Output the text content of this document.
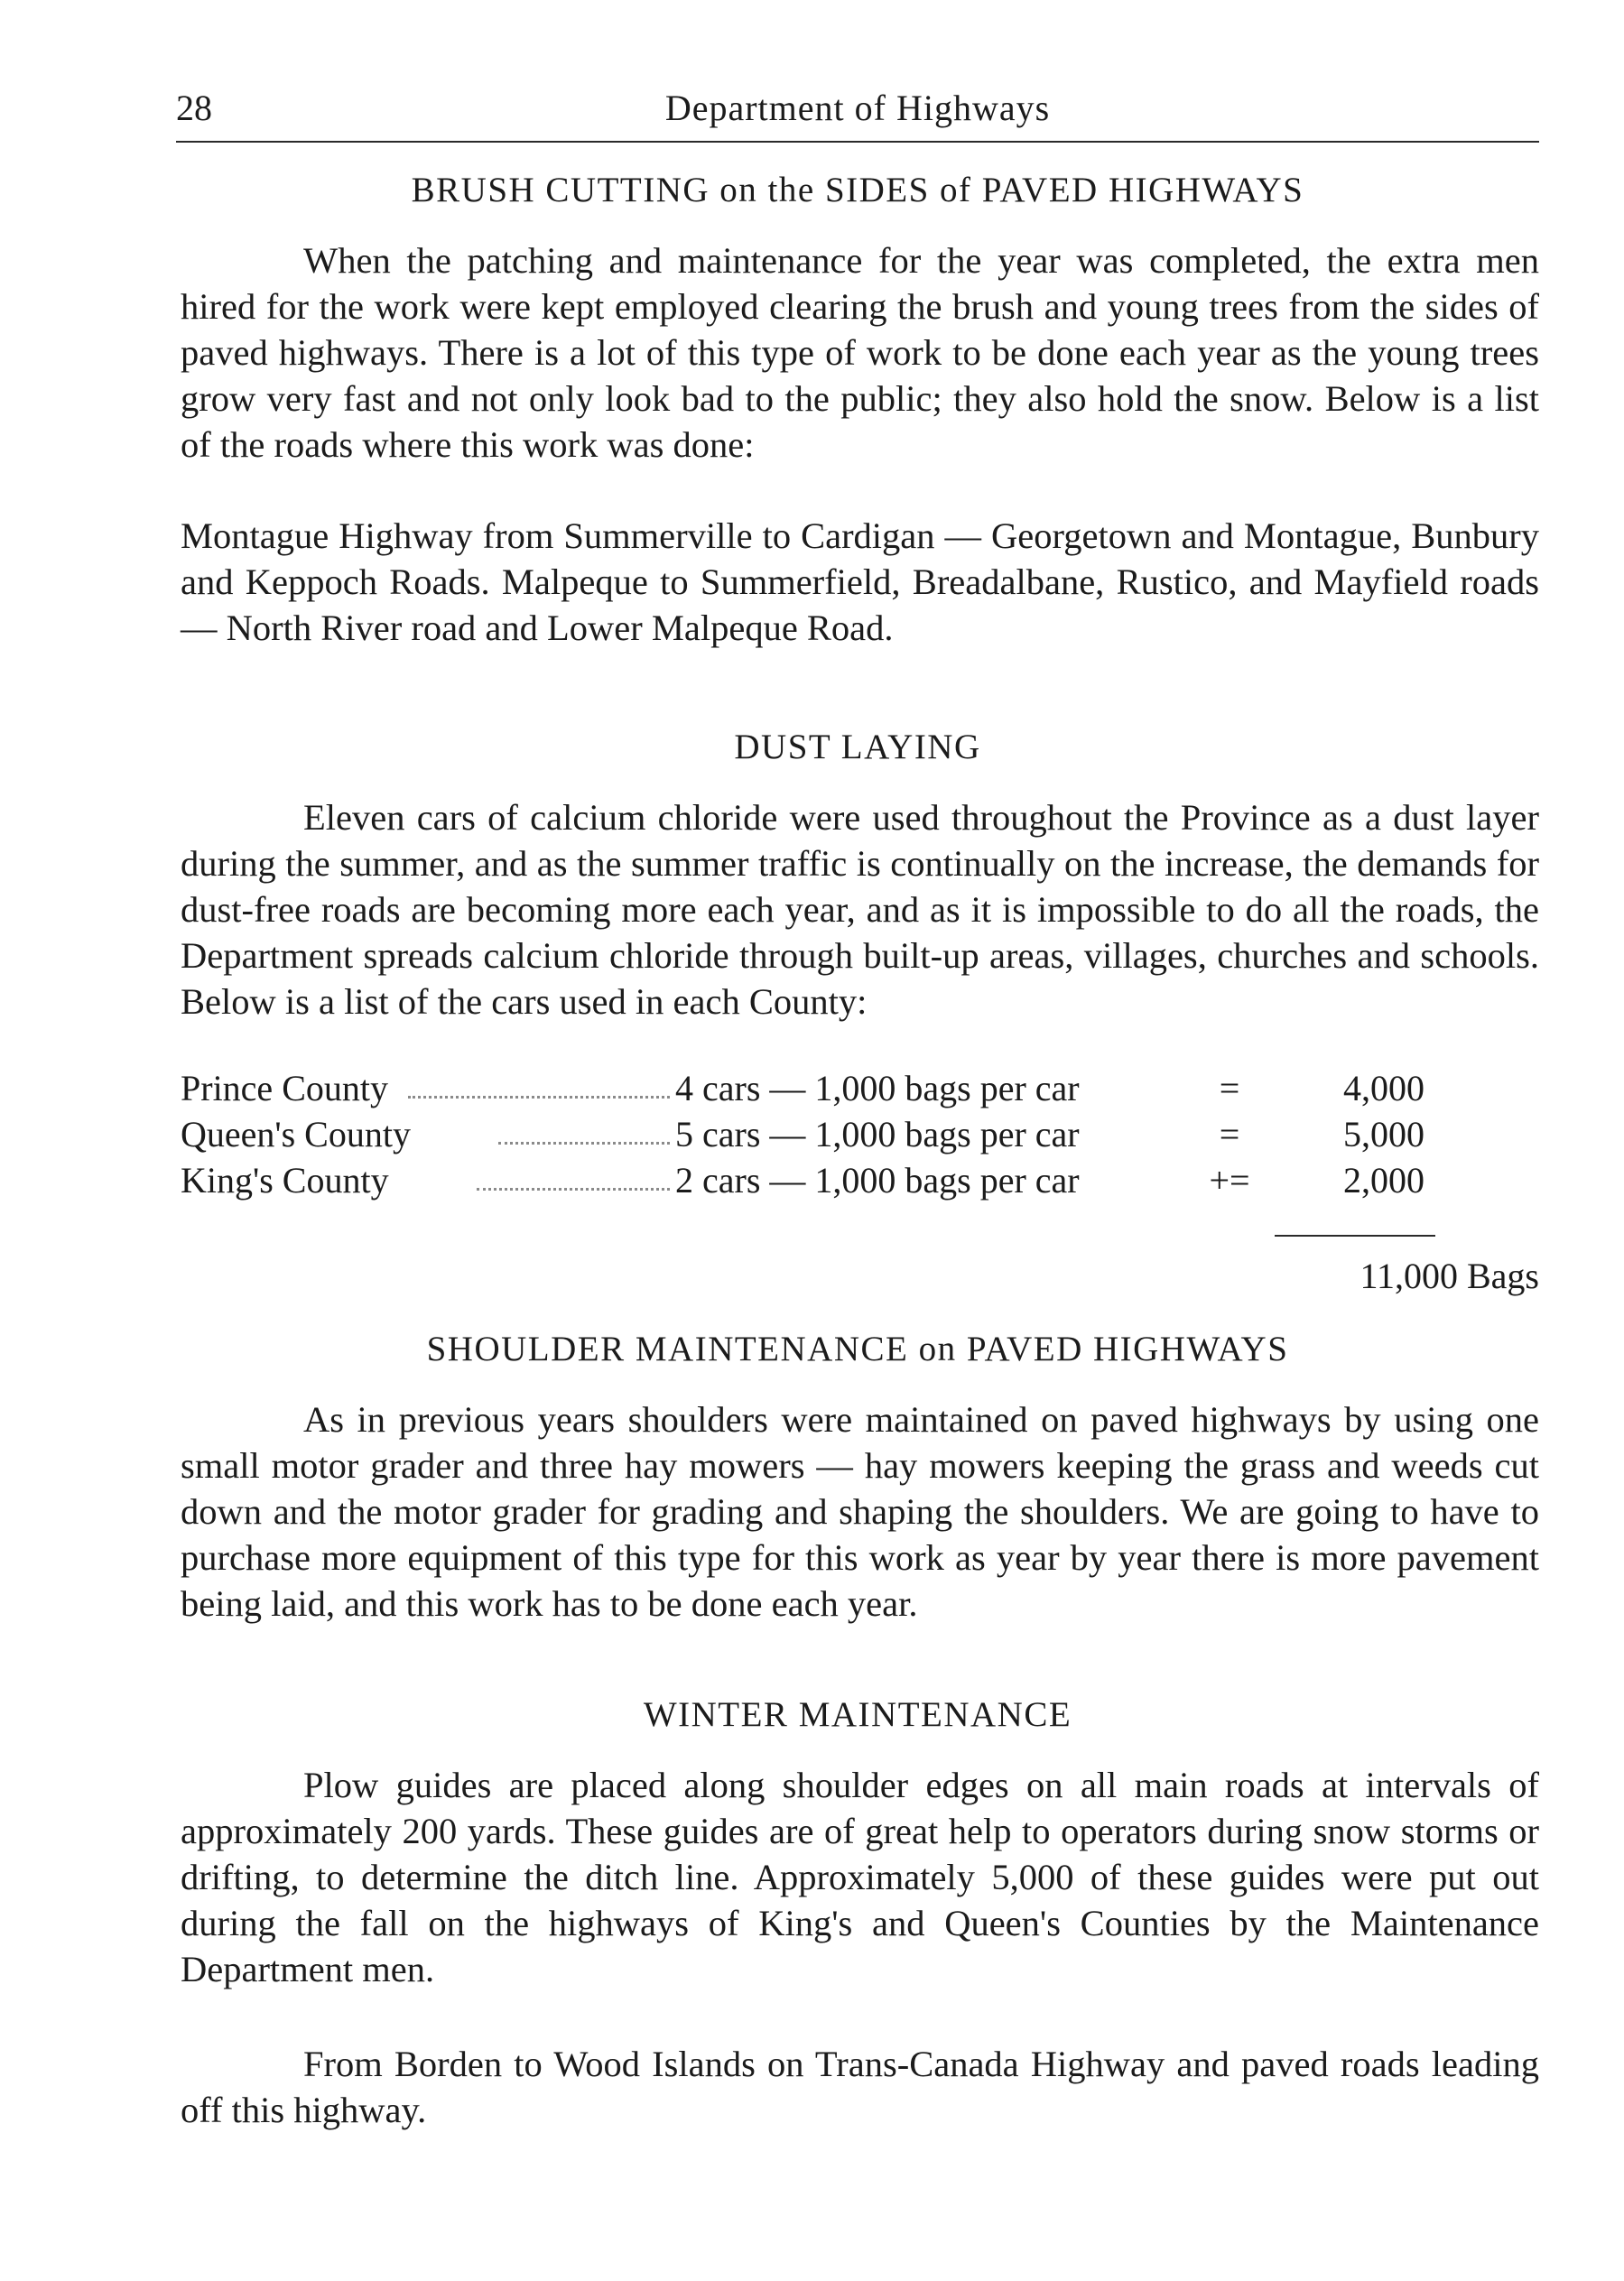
28	Department of Highways
BRUSH CUTTING on the SIDES of PAVED HIGHWAYS

When the patching and maintenance for the year was completed, the extra men hired for the work were kept employed clearing the brush and young trees from the sides of paved highways. There is a lot of this type of work to be done each year as the young trees grow very fast and not only look bad to the public; they also hold the snow. Below is a list of the roads where this work was done:

Montague Highway from Summerville to Cardigan — Georgetown and Montague, Bunbury and Keppoch Roads. Malpeque to Summerfield, Breadalbane, Rustico, and Mayfield roads — North River road and Lower Malpeque Road.

DUST LAYING

Eleven cars of calcium chloride were used throughout the Province as a dust layer during the summer, and as the summer traffic is continually on the increase, the demands for dust-free roads are becoming more each year, and as it is impossible to do all the roads, the Department spreads calcium chloride through built-up areas, villages, churches and schools. Below is a list of the cars used in each County:

Prince County	4 cars — 1,000 bags per car	=	4,000
Queen's County	5 cars — 1,000 bags per car	=	5,000
King's County	2 cars — 1,000 bags per car	+=	2,000
11,000 Bags
SHOULDER MAINTENANCE on PAVED HIGHWAYS

As in previous years shoulders were maintained on paved highways by using one small motor grader and three hay mowers — hay mowers keeping the grass and weeds cut down and the motor grader for grading and shaping the shoulders. We are going to have to purchase more equipment of this type for this work as year by year there is more pavement being laid, and this work has to be done each year.

WINTER MAINTENANCE

Plow guides are placed along shoulder edges on all main roads at intervals of approximately 200 yards. These guides are of great help to operators during snow storms or drifting, to determine the ditch line. Approximately 5,000 of these guides were put out during the fall on the highways of King's and Queen's Counties by the Maintenance Department men.

From Borden to Wood Islands on Trans-Canada Highway and paved roads leading off this highway.
